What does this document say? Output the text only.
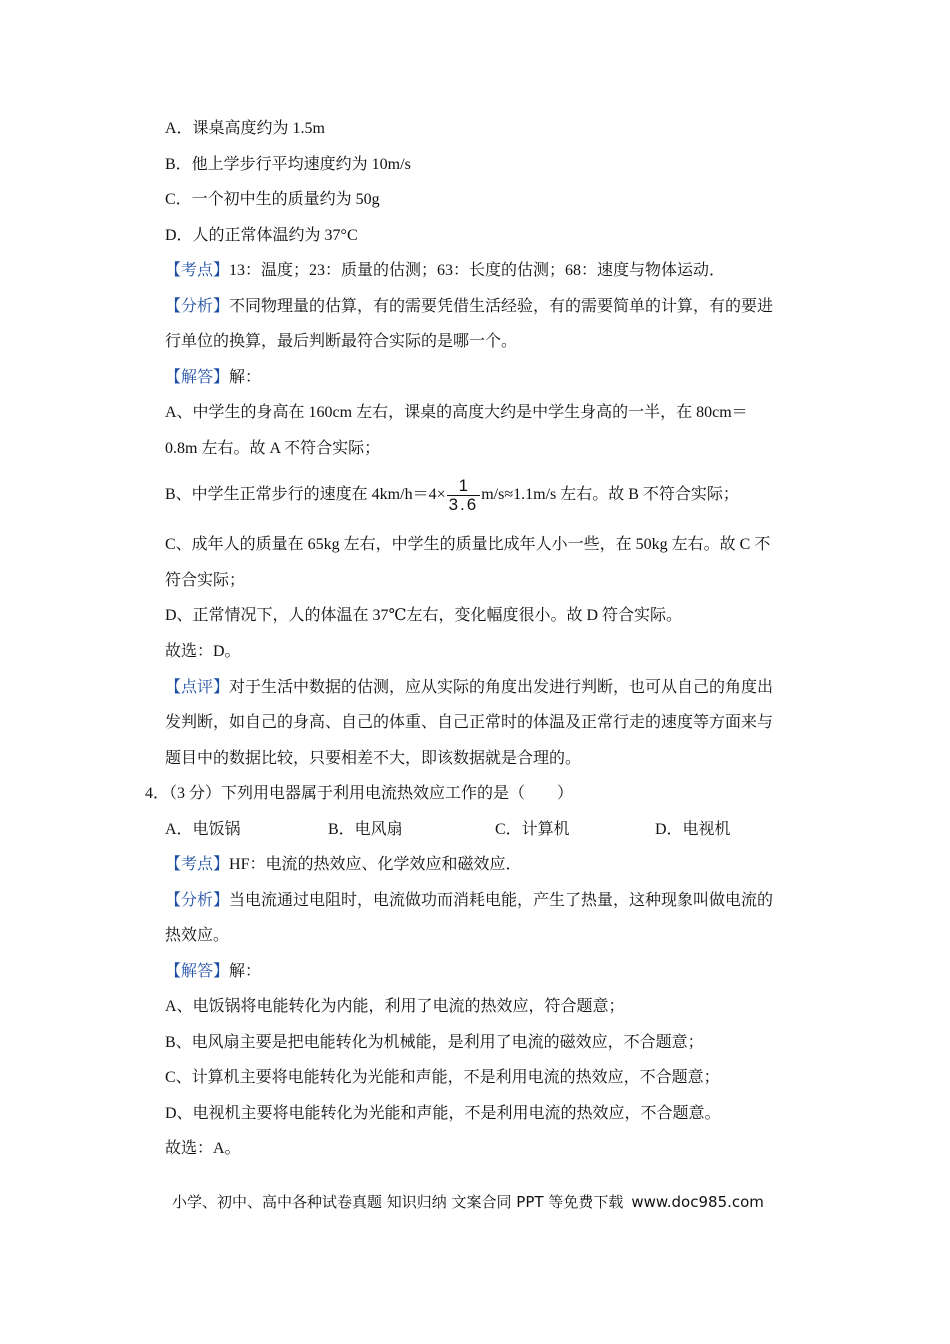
A．课桌高度约为 1.5m
B．他上学步行平均速度约为 10m/s
C．一个初中生的质量约为 50g
D．人的正常体温约为 37°C
【考点】13：温度；23：质量的估测；63：长度的估测；68：速度与物体运动．
【分析】不同物理量的估算，有的需要凭借生活经验，有的需要简单的计算，有的要进
行单位的换算，最后判断最符合实际的是哪一个。
【解答】解：
A、中学生的身高在 160cm 左右，课桌的高度大约是中学生身高的一半，在 80cm＝
0.8m 左右。故 A 不符合实际；
B、中学生正常步行的速度在 $4km/h=4\times \frac{1}{3.6} m/s\approx 1.1m/s$ 左右。故 B 不符合实际；
C、成年人的质量在 65kg 左右，中学生的质量比成年人小一些，在 50kg 左右。故 C 不
符合实际；
D、正常情况下，人的体温在 37℃左右，变化幅度很小。故 D 符合实际。
故选：D。
【点评】对于生活中数据的估测，应从实际的角度出发进行判断，也可从自己的角度出
发判断，如自己的身高、自己的体重、自己正常时的体温及正常行走的速度等方面来与
题目中的数据比较，只要相差不大，即该数据就是合理的。
4．（3 分）下列用电器属于利用电流热效应工作的是（　　）
A．电饭锅	B．电风扇	C．计算机	D．电视机
【考点】HF：电流的热效应、化学效应和磁效应．
【分析】当电流通过电阻时，电流做功而消耗电能，产生了热量，这种现象叫做电流的
热效应。
【解答】解：
A、电饭锅将电能转化为内能，利用了电流的热效应，符合题意；
B、电风扇主要是把电能转化为机械能，是利用了电流的磁效应，不合题意；
C、计算机主要将电能转化为光能和声能，不是利用电流的热效应，不合题意；
D、电视机主要将电能转化为光能和声能，不是利用电流的热效应，不合题意。
故选：A。
小学、初中、高中各种试卷真题 知识归纳 文案合同 PPT 等免费下载 www.doc985.com
